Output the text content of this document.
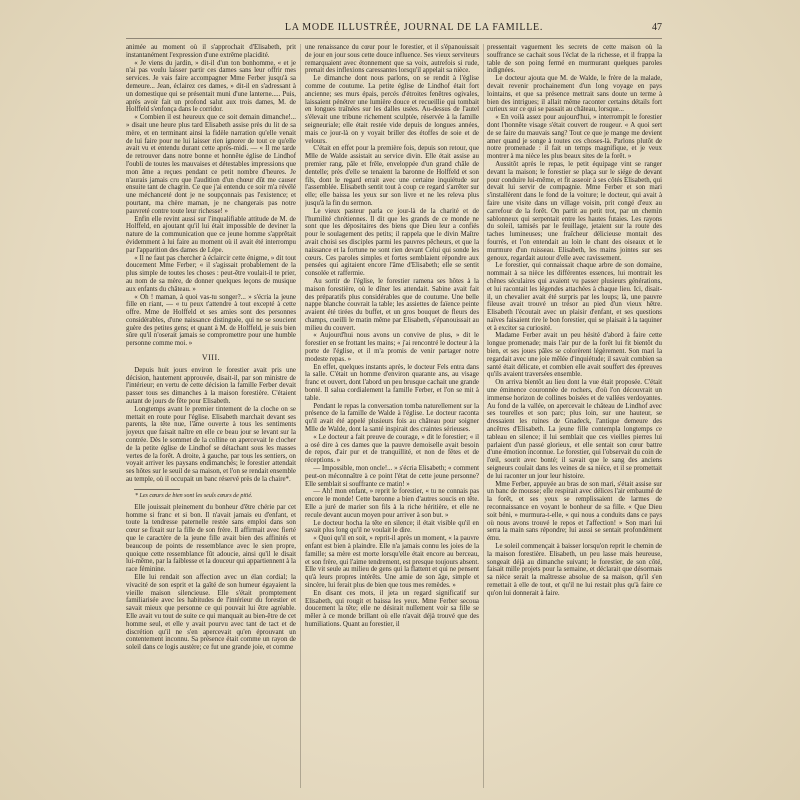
LA MODE ILLUSTRÉE, JOURNAL DE LA FAMILLE.	47

animée au moment où il s'approchait d'Elisabeth, prit instantanément l'expression d'une extrême placidité.

« Je viens du jardin, » dit-il d'un ton bonhomme, « et je n'ai pas voulu laisser partir ces dames sans leur offrir mes services. Je vais faire accompagner Mme Ferber jusqu'à sa demeure... Jean, éclairez ces dames, » dit-il en s'adressant à un domestique qui se présentait muni d'une lanterne..... Puis, après avoir fait un profond salut aux trois dames, M. de Holffeld s'enfonça dans le corridor.

« Combien il est heureux que ce soit demain dimanche!... » disait une heure plus tard Elisabeth assise près du lit de sa mère, et en terminant ainsi la fidèle narration qu'elle venait de lui faire pour ne lui laisser rien ignorer de tout ce qu'elle avait vu et entendu durant cette après-midi. — « Il me tarde de retrouver dans notre bonne et honnête église de Lindhof l'oubli de toutes les mauvaises et détestables impressions que mon âme a reçues pendant ce petit nombre d'heures. Je n'aurais jamais cru que l'audition d'un chœur dût me causer ensuite tant de chagrin. Ce que j'ai entendu ce soir m'a révélé une méchanceté dont je ne soupçonnais pas l'existence; et pourtant, ma chère maman, je ne changerais pas notre pauvreté contre toute leur richesse! »

Enfin elle revint aussi sur l'inqualifiable attitude de M. de Holffeld, en ajoutant qu'il lui était impossible de deviner la nature de la communication que ce jeune homme s'apprêtait évidemment à lui faire au moment où il avait été interrompu par l'apparition des dames de Lépe.

« Il ne faut pas chercher à éclaircir cette énigme, » dit tout doucement Mme Ferber; « il s'agissait probablement de la plus simple de toutes les choses : peut-être voulait-il te prier, au nom de sa mère, de donner quelques leçons de musique aux enfants du château. »

« Oh ! maman, à quoi vas-tu songer?... » s'écria la jeune fille en riant, — « tu peux t'attendre à tout excepté à cette offre. Mme de Holffeld et ses amies sont des personnes considérables, d'une naissance distinguée, qui ne se soucient guère des petites gens; et quant à M. de Holffeld, je suis bien sûre qu'il n'oserait jamais se compromettre pour une humble personne comme moi. »

VIII.

Depuis huit jours environ le forestier avait pris une décision, hautement approuvée, disait-il, par son ministre de l'intérieur; en vertu de cette décision la famille Ferber devait passer tous ses dimanches à la maison forestière. C'étaient autant de jours de fête pour Elisabeth.

Longtemps avant le premier tintement de la cloche on se mettait en route pour l'église. Elisabeth marchait devant ses parents, la tête nue, l'âme ouverte à tous les sentiments joyeux que faisait naître en elle ce beau jour se levant sur la contrée. Dès le sommet de la colline on apercevait le clocher de la petite église de Lindhof se détachant sous les masses vertes de la forêt. A droite, à gauche, par tous les sentiers, on voyait arriver les paysans endimanchés; le forestier attendait ses hôtes sur le seuil de sa maison, et l'on se rendait ensemble au temple, où il occupait un banc réservé près de la chaire*.

* Les cœurs de bien sont les seuls cœurs de pitié.

Elle jouissait pleinement du bonheur d'être chérie par cet homme si franc et si bon. Il n'avait jamais eu d'enfant, et toute la tendresse paternelle restée sans emploi dans son cœur se fixait sur la fille de son frère. Il affirmait avec fierté que le caractère de la jeune fille avait bien des affinités et beaucoup de points de ressemblance avec le sien propre, quoique cette ressemblance fût adoucie, ainsi qu'il le disait lui-même, par la faiblesse et la douceur qui appartiennent à la race féminine.

Elle lui rendait son affection avec un élan cordial; la vivacité de son esprit et la gaîté de son humeur égayaient la vieille maison silencieuse. Elle s'était promptement familiarisée avec les habitudes de l'intérieur du forestier et savait mieux que personne ce qui pouvait lui être agréable. Elle avait vu tout de suite ce qui manquait au bien-être de cet homme seul, et elle y avait pourvu avec tant de tact et de discrétion qu'il ne s'en apercevait qu'en éprouvant un contentement inconnu. Sa présence était comme un rayon de soleil dans ce logis austère; ce fut une grande joie, et comme

une renaissance du cœur pour le forestier, et il s'épanouissait de jour en jour sous cette douce influence. Ses vieux serviteurs remarquaient avec étonnement que sa voix, autrefois si rude, prenait des inflexions caressantes lorsqu'il appelait sa nièce.

Le dimanche dont nous parlons, on se rendit à l'église comme de coutume. La petite église de Lindhof était fort ancienne; ses murs épais, percés d'étroites fenêtres ogivales, laissaient pénétrer une lumière douce et recueillie qui tombait en longues traînées sur les dalles usées. Au-dessus de l'autel s'élevait une tribune richement sculptée, réservée à la famille seigneuriale; elle était restée vide depuis de longues années, mais ce jour-là on y voyait briller des étoffes de soie et de velours.

C'était en effet pour la première fois, depuis son retour, que Mlle de Walde assistait au service divin. Elle était assise au premier rang, pâle et frêle, enveloppée d'un grand châle de dentelle; près d'elle se tenaient la baronne de Holffeld et son fils, dont le regard errait avec une certaine inquiétude sur l'assemblée. Elisabeth sentit tout à coup ce regard s'arrêter sur elle; elle baissa les yeux sur son livre et ne les releva plus jusqu'à la fin du sermon.

Le vieux pasteur parla ce jour-là de la charité et de l'humilité chrétiennes. Il dit que les grands de ce monde ne sont que les dépositaires des biens que Dieu leur a confiés pour le soulagement des petits; il rappela que le divin Maître avait choisi ses disciples parmi les pauvres pêcheurs, et que la naissance et la fortune ne sont rien devant Celui qui sonde les cœurs. Ces paroles simples et fortes semblaient répondre aux pensées qui agitaient encore l'âme d'Elisabeth; elle se sentit consolée et raffermie.

Au sortir de l'église, le forestier ramena ses hôtes à la maison forestière, où le dîner les attendait. Sabine avait fait des préparatifs plus considérables que de coutume. Une belle nappe blanche couvrait la table; les assiettes de faïence peinte avaient été tirées du buffet, et un gros bouquet de fleurs des champs, cueilli le matin même par Elisabeth, s'épanouissait au milieu du couvert.

« Aujourd'hui nous avons un convive de plus, » dit le forestier en se frottant les mains; « j'ai rencontré le docteur à la porte de l'église, et il m'a promis de venir partager notre modeste repas. »

En effet, quelques instants après, le docteur Fels entra dans la salle. C'était un homme d'environ quarante ans, au visage franc et ouvert, dont l'abord un peu brusque cachait une grande bonté. Il salua cordialement la famille Ferber, et l'on se mit à table.

Pendant le repas la conversation tomba naturellement sur la présence de la famille de Walde à l'église. Le docteur raconta qu'il avait été appelé plusieurs fois au château pour soigner Mlle de Walde, dont la santé inspirait des craintes sérieuses.

« Le docteur a fait preuve de courage, » dit le forestier; « il a osé dire à ces dames que la pauvre demoiselle avait besoin de repos, d'air pur et de tranquillité, et non de fêtes et de réceptions. »

— Impossible, mon oncle!... » s'écria Elisabeth; « comment peut-on méconnaître à ce point l'état de cette jeune personne? Elle semblait si souffrante ce matin! »

— Ah! mon enfant, » reprit le forestier, « tu ne connais pas encore le monde! Cette baronne a bien d'autres soucis en tête. Elle a juré de marier son fils à la riche héritière, et elle ne recule devant aucun moyen pour arriver à son but. »

Le docteur hocha la tête en silence; il était visible qu'il en savait plus long qu'il ne voulait le dire.

« Quoi qu'il en soit, » reprit-il après un moment, « la pauvre enfant est bien à plaindre. Elle n'a jamais connu les joies de la famille; sa mère est morte lorsqu'elle était encore au berceau, et son frère, qui l'aime tendrement, est presque toujours absent. Elle vit seule au milieu de gens qui la flattent et qui ne pensent qu'à leurs propres intérêts. Une amie de son âge, simple et sincère, lui ferait plus de bien que tous mes remèdes. »

En disant ces mots, il jeta un regard significatif sur Elisabeth, qui rougit et baissa les yeux. Mme Ferber secoua doucement la tête; elle ne désirait nullement voir sa fille se mêler à ce monde brillant où elle n'avait déjà trouvé que des humiliations. Quant au forestier, il

pressentait vaguement les secrets de cette maison où la souffrance se cachait sous l'éclat de la richesse, et il frappa la table de son poing fermé en murmurant quelques paroles indignées.

Le docteur ajouta que M. de Walde, le frère de la malade, devait revenir prochainement d'un long voyage en pays lointains, et que sa présence mettrait sans doute un terme à bien des intrigues; il allait même raconter certains détails fort curieux sur ce qui se passait au château, lorsque...

« En voilà assez pour aujourd'hui, » interrompit le forestier dont l'honnête visage s'était couvert de rougeur. « A quoi sert de se faire du mauvais sang? Tout ce que je mange me devient amer quand je songe à toutes ces choses-là. Parlons plutôt de notre promenade : il fait un temps magnifique, et je veux montrer à ma nièce les plus beaux sites de la forêt. »

Aussitôt après le repas, le petit équipage vint se ranger devant la maison; le forestier se plaça sur le siége de devant pour conduire lui-même, et fit asseoir à ses côtés Elisabeth, qui devait lui servir de compagnie. Mme Ferber et son mari s'installèrent dans le fond de la voiture; le docteur, qui avait à faire une visite dans un village voisin, prit congé d'eux au carrefour de la forêt. On partit au petit trot, par un chemin sablonneux qui serpentait entre les hautes futaies. Les rayons du soleil, tamisés par le feuillage, jetaient sur la route des taches lumineuses; une fraîcheur délicieuse montait des fourrés, et l'on entendait au loin le chant des oiseaux et le murmure d'un ruisseau. Elisabeth, les mains jointes sur ses genoux, regardait autour d'elle avec ravissement.

Le forestier, qui connaissait chaque arbre de son domaine, nommait à sa nièce les différentes essences, lui montrait les chênes séculaires qui avaient vu passer plusieurs générations, et lui racontait les légendes attachées à chaque lieu. Ici, disait-il, un chevalier avait été surpris par les loups; là, une pauvre fileuse avait trouvé un trésor au pied d'un vieux hêtre. Elisabeth l'écoutait avec un plaisir d'enfant, et ses questions naïves faisaient rire le bon forestier, qui se plaisait à la taquiner et à exciter sa curiosité.

Madame Ferber avait un peu hésité d'abord à faire cette longue promenade; mais l'air pur de la forêt lui fit bientôt du bien, et ses joues pâles se colorèrent légèrement. Son mari la regardait avec une joie mêlée d'inquiétude; il savait combien sa santé était délicate, et combien elle avait souffert des épreuves qu'ils avaient traversées ensemble.

On arriva bientôt au lieu dont la vue était proposée. C'était une éminence couronnée de rochers, d'où l'on découvrait un immense horizon de collines boisées et de vallées verdoyantes. Au fond de la vallée, on apercevait le château de Lindhof avec ses tourelles et son parc; plus loin, sur une hauteur, se dressaient les ruines de Gnadeck, l'antique demeure des ancêtres d'Elisabeth. La jeune fille contempla longtemps ce tableau en silence; il lui semblait que ces vieilles pierres lui parlaient d'un passé glorieux, et elle sentait son cœur battre d'une émotion inconnue. Le forestier, qui l'observait du coin de l'œil, sourit avec bonté; il savait que le sang des anciens seigneurs coulait dans les veines de sa nièce, et il se promettait de lui raconter un jour leur histoire.

Mme Ferber, appuyée au bras de son mari, s'était assise sur un banc de mousse; elle respirait avec délices l'air embaumé de la forêt, et ses yeux se remplissaient de larmes de reconnaissance en voyant le bonheur de sa fille. « Que Dieu soit béni, » murmura-t-elle, « qui nous a conduits dans ce pays où nous avons trouvé le repos et l'affection! » Son mari lui serra la main sans répondre; lui aussi se sentait profondément ému.

Le soleil commençait à baisser lorsqu'on reprit le chemin de la maison forestière. Elisabeth, un peu lasse mais heureuse, songeait déjà au dimanche suivant; le forestier, de son côté, faisait mille projets pour la semaine, et déclarait que désormais sa nièce serait la maîtresse absolue de sa maison, qu'il s'en remettait à elle de tout, et qu'il ne lui restait plus qu'à faire ce qu'on lui donnerait à faire.
